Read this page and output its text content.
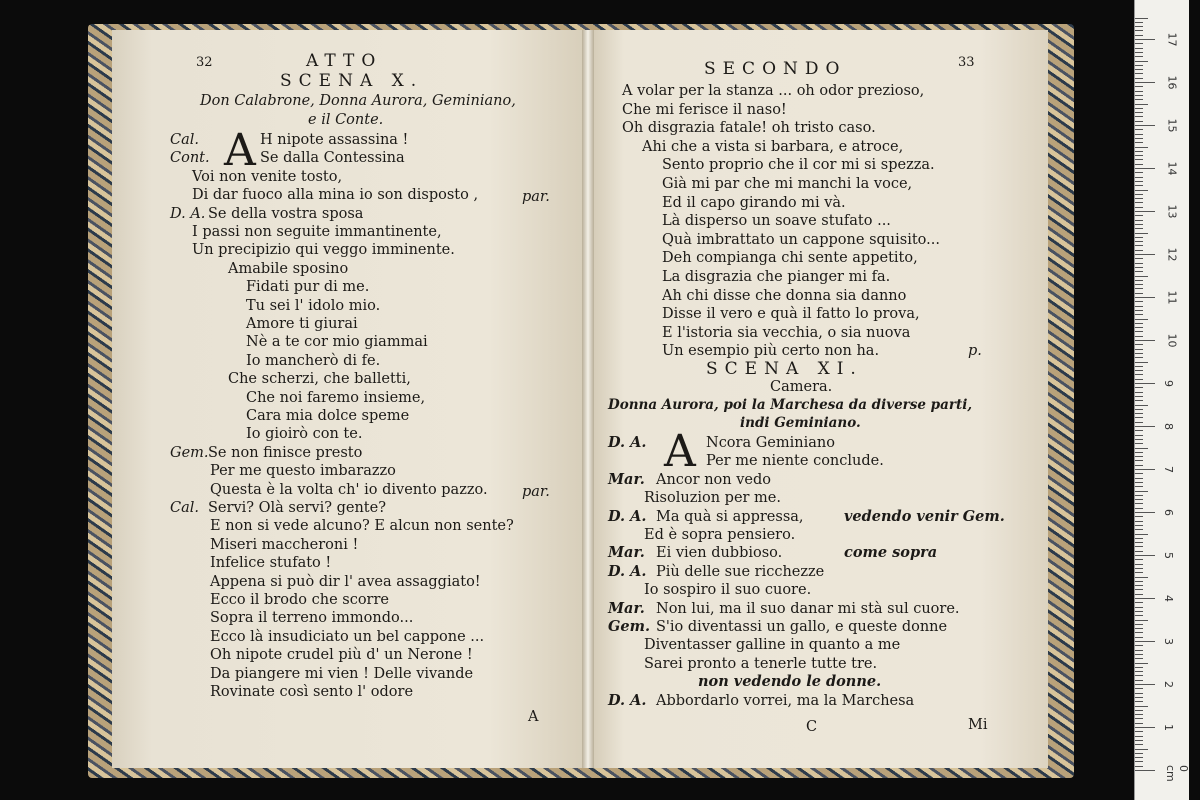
32	ATTO
SCENA X.
Don Calabrone, Donna Aurora, Geminiano,
e il Conte.
A
Cal.	H nipote assassina !
Cont.	Se dalla Contessina
Voi non venite tosto,
Di dar fuoco alla mina io son disposto ,	par.
D. A. Se della vostra sposa
I passi non seguite immantinente,
Un precipizio qui veggo imminente.
Amabile sposino
Fidati pur di me.
Tu sei l' idolo mio.
Amore ti giurai
Nè a te cor mio giammai
Io mancherò di fe.
Che scherzi, che balletti,
Che noi faremo insieme,
Cara mia dolce speme
Io gioirò con te.
Gem. Se non finisce presto
Per me questo imbarazzo
Questa è la volta ch' io divento pazzo. par.
Cal. Servi? Olà servi? gente?
E non si vede alcuno? E alcun non sente?
Miseri maccheroni !
Infelice stufato !
Appena si può dir l' avea assaggiato!
Ecco il brodo che scorre
Sopra il terreno immondo...
Ecco là insudiciato un bel cappone ...
Oh nipote crudel più d' un Nerone !
Da piangere mi vien ! Delle vivande
Rovinate così sento l' odore
A
SECONDO	33
A volar per la stanza ... oh odor prezioso,
Che mi ferisce il naso!
Oh disgrazia fatale! oh tristo caso.
Ahi che a vista si barbara, e atroce,
Sento proprio che il cor mi si spezza.
Già mi par che mi manchi la voce,
Ed il capo girando mi và.
Là disperso un soave stufato ...
Quà imbrattato un cappone squisito...
Deh compianga chi sente appetito,
La disgrazia che pianger mi fa.
Ah chi disse che donna sia danno
Disse il vero e quà il fatto lo prova,
E l'istoria sia vecchia, o sia nuova
Un esempio più certo non ha.	p.
SCENA XI.
Camera.
Donna Aurora, poi la Marchesa da diverse parti,
indi Geminiano.
A
D. A.	Ncora Geminiano
Per me niente conclude.
Mar. Ancor non vedo
Risoluzion per me.
D. A. Ma quà si appressa,	vedendo venir Gem.
Ed è sopra pensiero.
Mar. Ei vien dubbioso.	come sopra
D. A. Più delle sue ricchezze
Io sospiro il suo cuore.
Mar. Non lui, ma il suo danar mi stà sul cuore.
Gem. S'io diventassi un gallo, e queste donne
Diventasser galline in quanto a me
Sarei pronto a tenerle tutte tre.
non vedendo le donne.
D. A. Abbordarlo vorrei, ma la Marchesa
C	Mi
0 cm
1
2
3
4
5
6
7
8
9
10
11
12
13
14
15
16
17
